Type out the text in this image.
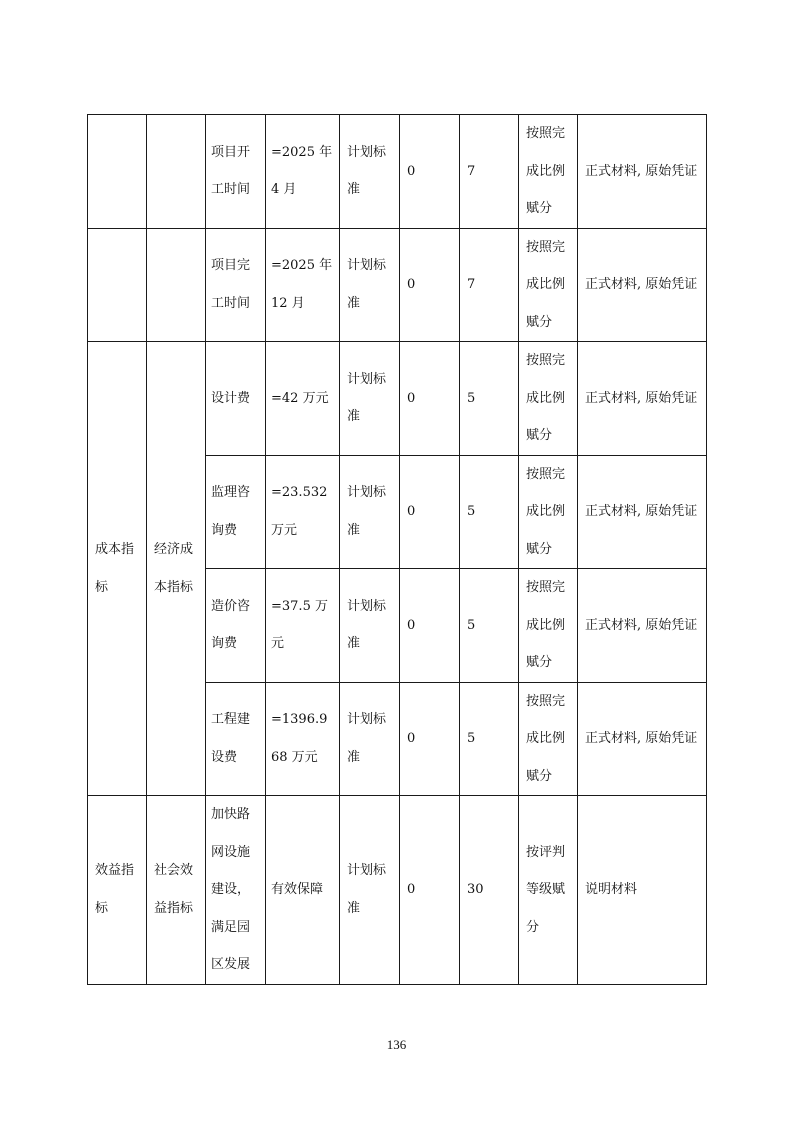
		项目开工时间	=2025 年 4 月	计划标准	0	7	按照完成比例赋分	正式材料, 原始凭证
		项目完工时间	=2025 年 12 月	计划标准	0	7	按照完成比例赋分	正式材料, 原始凭证
成本指标	经济成本指标	设计费	=42 万元	计划标准	0	5	按照完成比例赋分	正式材料, 原始凭证
		监理咨询费	=23.532 万元	计划标准	0	5	按照完成比例赋分	正式材料, 原始凭证
		造价咨询费	=37.5 万元	计划标准	0	5	按照完成比例赋分	正式材料, 原始凭证
		工程建设费	=1396.968 万元	计划标准	0	5	按照完成比例赋分	正式材料, 原始凭证
效益指标	社会效益指标	加快路网设施建设，满足园区发展	有效保障	计划标准	0	30	按评判等级赋分	说明材料
136
